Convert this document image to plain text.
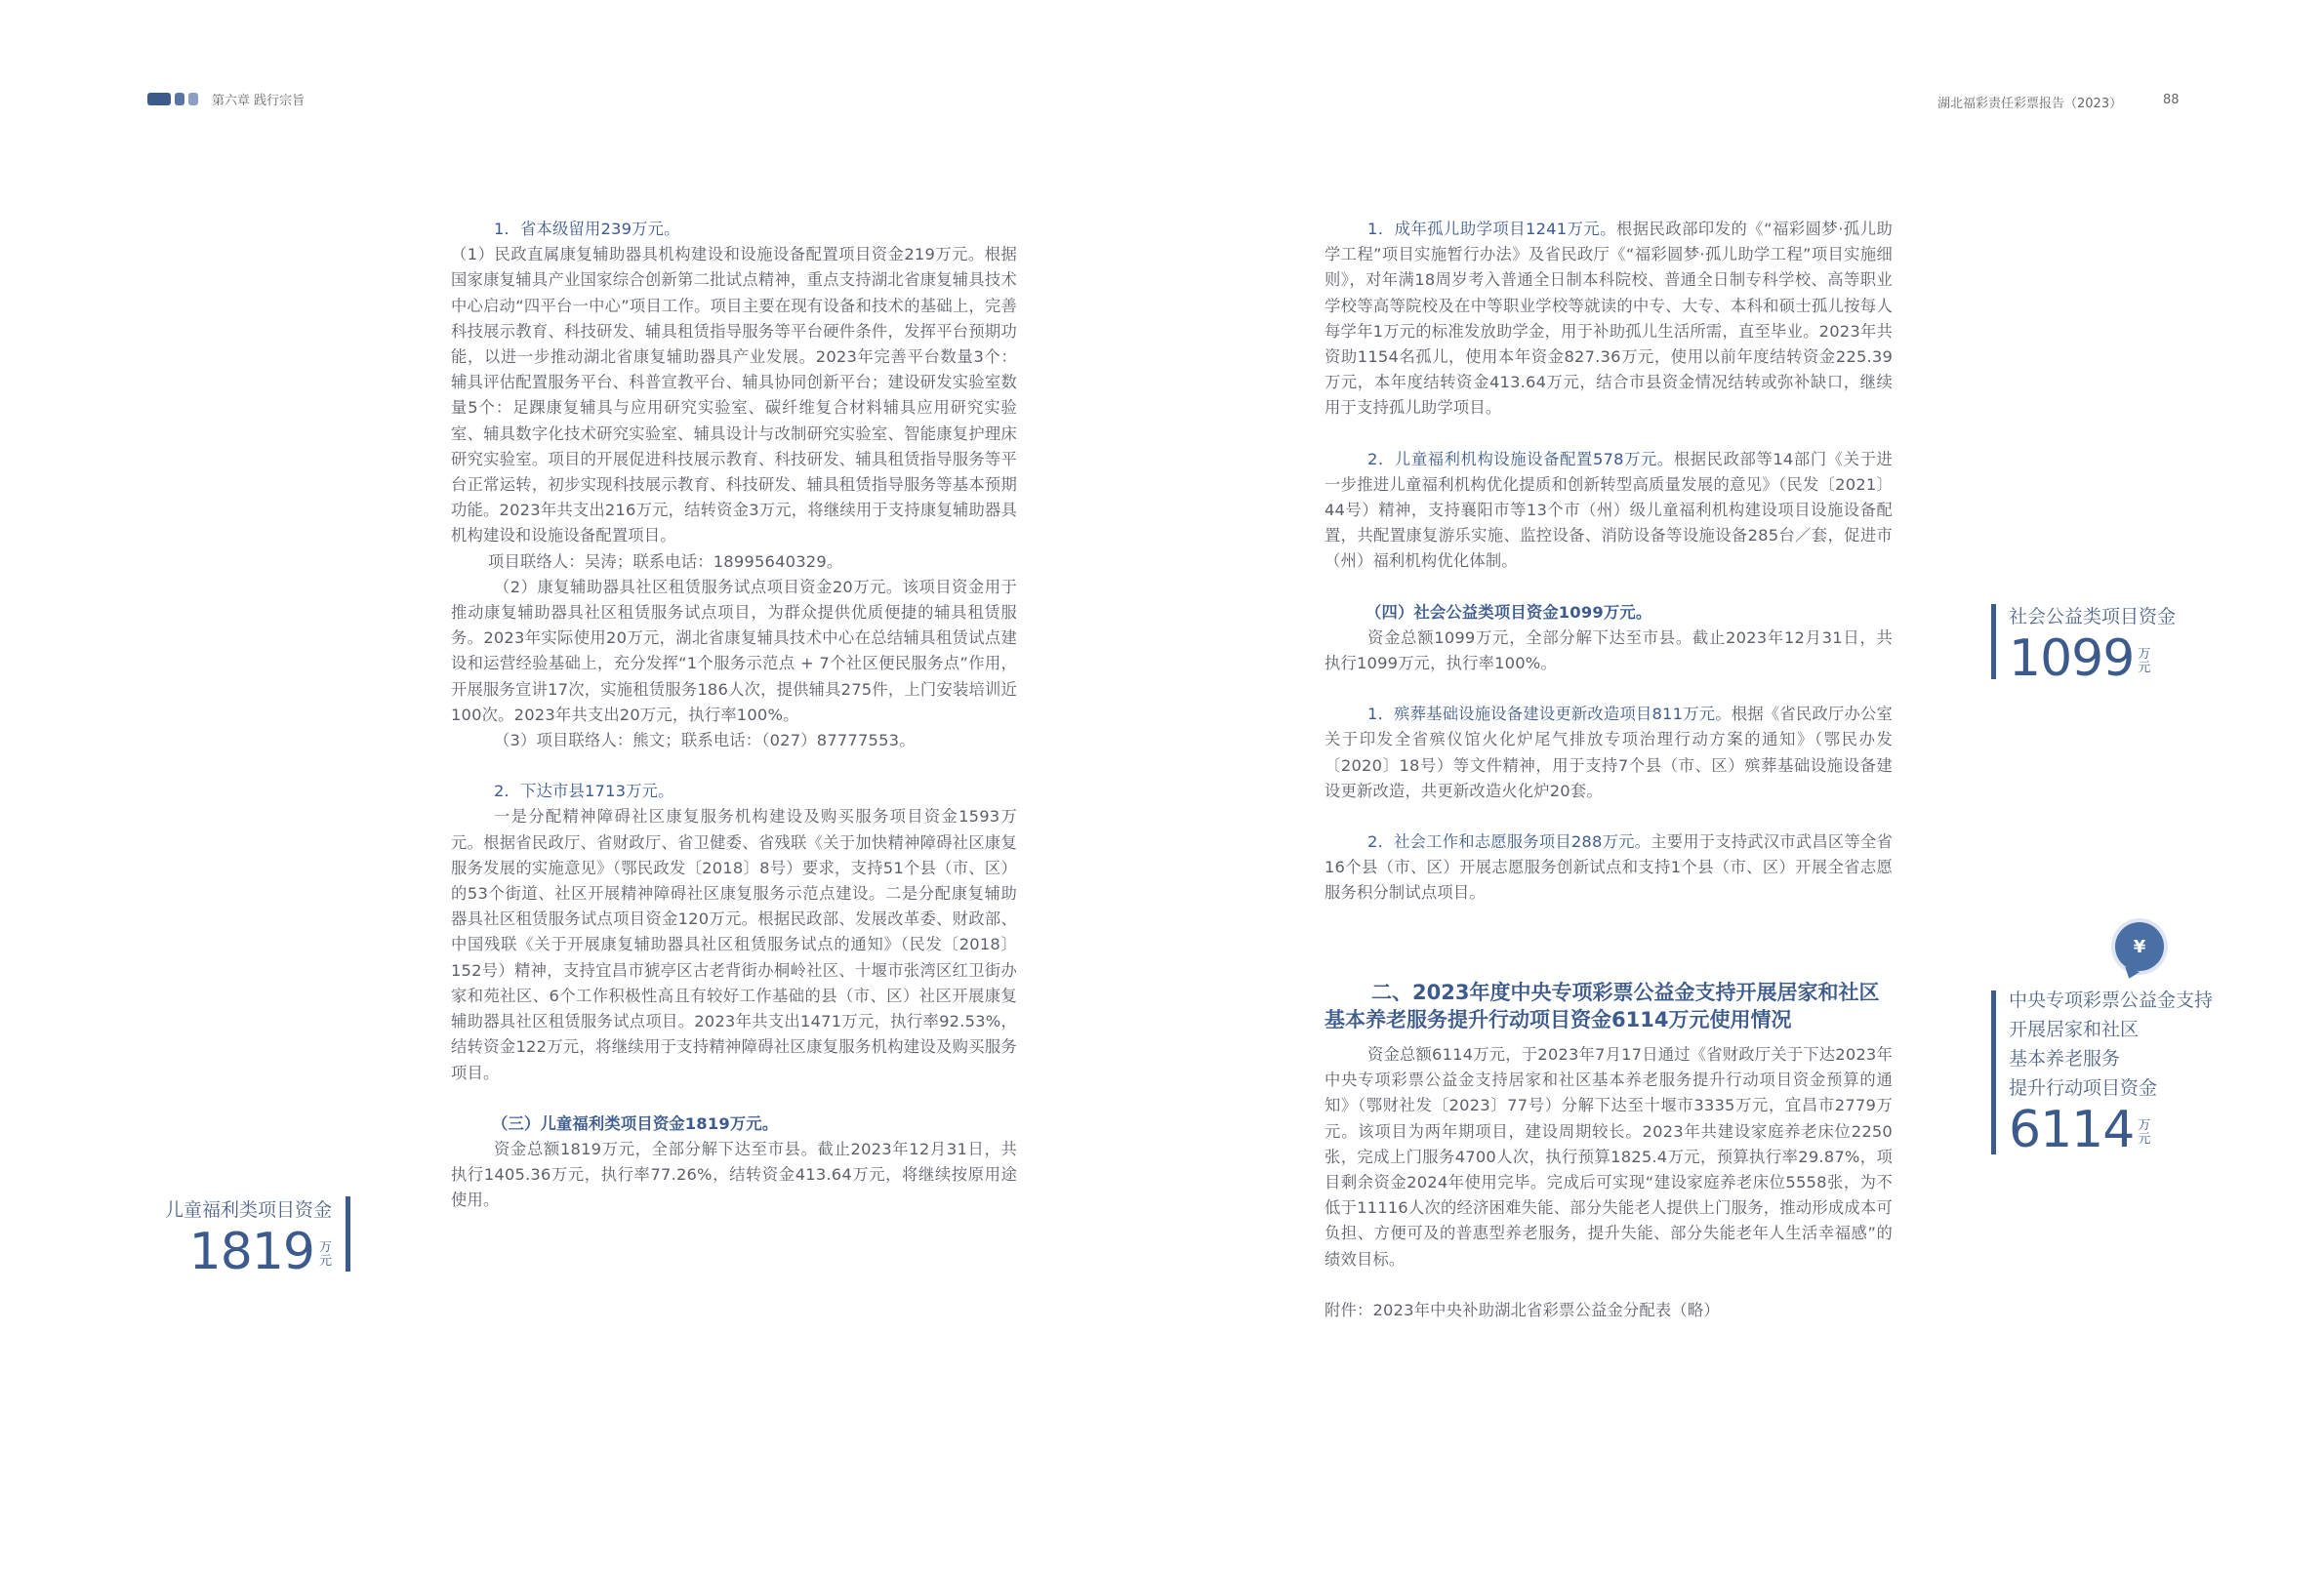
第六章 践行宗旨	湖北福彩责任彩票报告（2023）	88

1．省本级留用239万元。

（1）民政直属康复辅助器具机构建设和设施设备配置项目资金219万元。根据国家康复辅具产业国家综合创新第二批试点精神，重点支持湖北省康复辅具技术中心启动“四平台一中心”项目工作。项目主要在现有设备和技术的基础上，完善科技展示教育、科技研发、辅具租赁指导服务等平台硬件条件，发挥平台预期功能，以进一步推动湖北省康复辅助器具产业发展。2023年完善平台数量3个：辅具评估配置服务平台、科普宣教平台、辅具协同创新平台；建设研发实验室数量5个：足踝康复辅具与应用研究实验室、碳纤维复合材料辅具应用研究实验室、辅具数字化技术研究实验室、辅具设计与改制研究实验室、智能康复护理床研究实验室。项目的开展促进科技展示教育、科技研发、辅具租赁指导服务等平台正常运转，初步实现科技展示教育、科技研发、辅具租赁指导服务等基本预期功能。2023年共支出216万元，结转资金3万元，将继续用于支持康复辅助器具机构建设和设施设备配置项目。

项目联络人：吴涛；联系电话：18995640329。

（2）康复辅助器具社区租赁服务试点项目资金20万元。该项目资金用于推动康复辅助器具社区租赁服务试点项目，为群众提供优质便捷的辅具租赁服务。2023年实际使用20万元，湖北省康复辅具技术中心在总结辅具租赁试点建设和运营经验基础上，充分发挥“1个服务示范点 + 7个社区便民服务点”作用，开展服务宣讲17次，实施租赁服务186人次，提供辅具275件，上门安装培训近100次。2023年共支出20万元，执行率100%。

（3）项目联络人：熊文；联系电话：（027）87777553。

2．下达市县1713万元。

一是分配精神障碍社区康复服务机构建设及购买服务项目资金1593万元。根据省民政厅、省财政厅、省卫健委、省残联《关于加快精神障碍社区康复服务发展的实施意见》（鄂民政发〔2018〕8号）要求，支持51个县（市、区）的53个街道、社区开展精神障碍社区康复服务示范点建设。二是分配康复辅助器具社区租赁服务试点项目资金120万元。根据民政部、发展改革委、财政部、中国残联《关于开展康复辅助器具社区租赁服务试点的通知》（民发〔2018〕152号）精神，支持宜昌市猇亭区古老背街办桐岭社区、十堰市张湾区红卫街办家和苑社区、6个工作积极性高且有较好工作基础的县（市、区）社区开展康复辅助器具社区租赁服务试点项目。2023年共支出1471万元，执行率92.53%，结转资金122万元，将继续用于支持精神障碍社区康复服务机构建设及购买服务项目。

（三）儿童福利类项目资金1819万元。

资金总额1819万元，全部分解下达至市县。截止2023年12月31日，共执行1405.36万元，执行率77.26%，结转资金413.64万元，将继续按原用途使用。

1．成年孤儿助学项目1241万元。根据民政部印发的《“福彩圆梦·孤儿助学工程”项目实施暂行办法》及省民政厅《“福彩圆梦·孤儿助学工程”项目实施细则》，对年满18周岁考入普通全日制本科院校、普通全日制专科学校、高等职业学校等高等院校及在中等职业学校等就读的中专、大专、本科和硕士孤儿按每人每学年1万元的标准发放助学金，用于补助孤儿生活所需，直至毕业。2023年共资助1154名孤儿，使用本年资金827.36万元，使用以前年度结转资金225.39万元，本年度结转资金413.64万元，结合市县资金情况结转或弥补缺口，继续用于支持孤儿助学项目。

2．儿童福利机构设施设备配置578万元。根据民政部等14部门《关于进一步推进儿童福利机构优化提质和创新转型高质量发展的意见》（民发〔2021〕44号）精神，支持襄阳市等13个市（州）级儿童福利机构建设项目设施设备配置，共配置康复游乐实施、监控设备、消防设备等设施设备285台／套，促进市（州）福利机构优化体制。

（四）社会公益类项目资金1099万元。

资金总额1099万元，全部分解下达至市县。截止2023年12月31日，共执行1099万元，执行率100%。

1．殡葬基础设施设备建设更新改造项目811万元。根据《省民政厅办公室关于印发全省殡仪馆火化炉尾气排放专项治理行动方案的通知》（鄂民办发〔2020〕18号）等文件精神，用于支持7个县（市、区）殡葬基础设施设备建设更新改造，共更新改造火化炉20套。

2．社会工作和志愿服务项目288万元。主要用于支持武汉市武昌区等全省16个县（市、区）开展志愿服务创新试点和支持1个县（市、区）开展全省志愿服务积分制试点项目。

二、2023年度中央专项彩票公益金支持开展居家和社区
基本养老服务提升行动项目资金6114万元使用情况

资金总额6114万元，于2023年7月17日通过《省财政厅关于下达2023年中央专项彩票公益金支持居家和社区基本养老服务提升行动项目资金预算的通知》（鄂财社发〔2023〕77号）分解下达至十堰市3335万元，宜昌市2779万元。该项目为两年期项目，建设周期较长。2023年共建设家庭养老床位2250张，完成上门服务4700人次，执行预算1825.4万元，预算执行率29.87%，项目剩余资金2024年使用完毕。完成后可实现“建设家庭养老床位5558张，为不低于11116人次的经济困难失能、部分失能老人提供上门服务，推动形成成本可负担、方便可及的普惠型养老服务，提升失能、部分失能老年人生活幸福感”的绩效目标。

附件：2023年中央补助湖北省彩票公益金分配表（略）

儿童福利类项目资金
1819 万元
社会公益类项目资金
1099 万元
¥
中央专项彩票公益金支持
开展居家和社区
基本养老服务
提升行动项目资金
6114 万元
